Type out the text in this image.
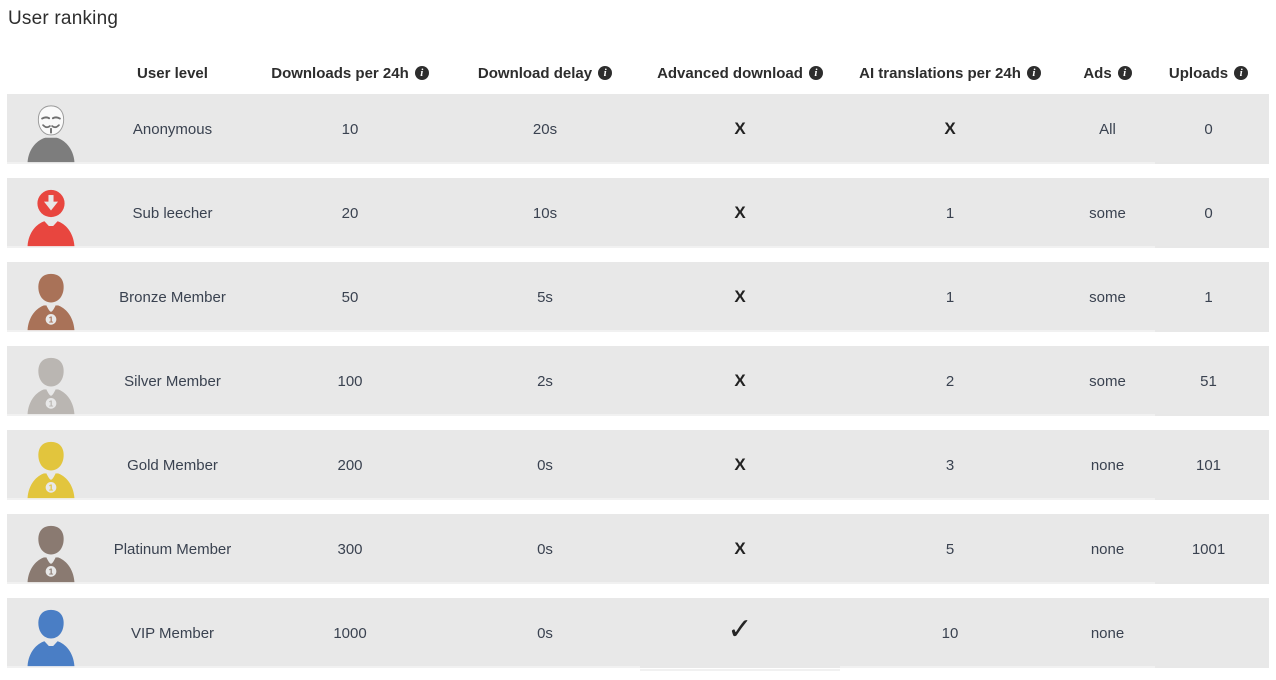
User ranking
User level	Downloads per 24h	i	Download delay	i	Advanced download	i	AI translations per 24h	i	Ads	i	Uploads	i
Anonymous	10	20s	X	X	All	0
Sub leecher	20	10s	X	1	some	0
1
Bronze Member	50	5s	X	1	some	1
1
Silver Member	100	2s	X	2	some	51
1
Gold Member	200	0s	X	3	none	101
1
Platinum Member	300	0s	X	5	none	1001
VIP Member	1000	0s	✓	10	none
